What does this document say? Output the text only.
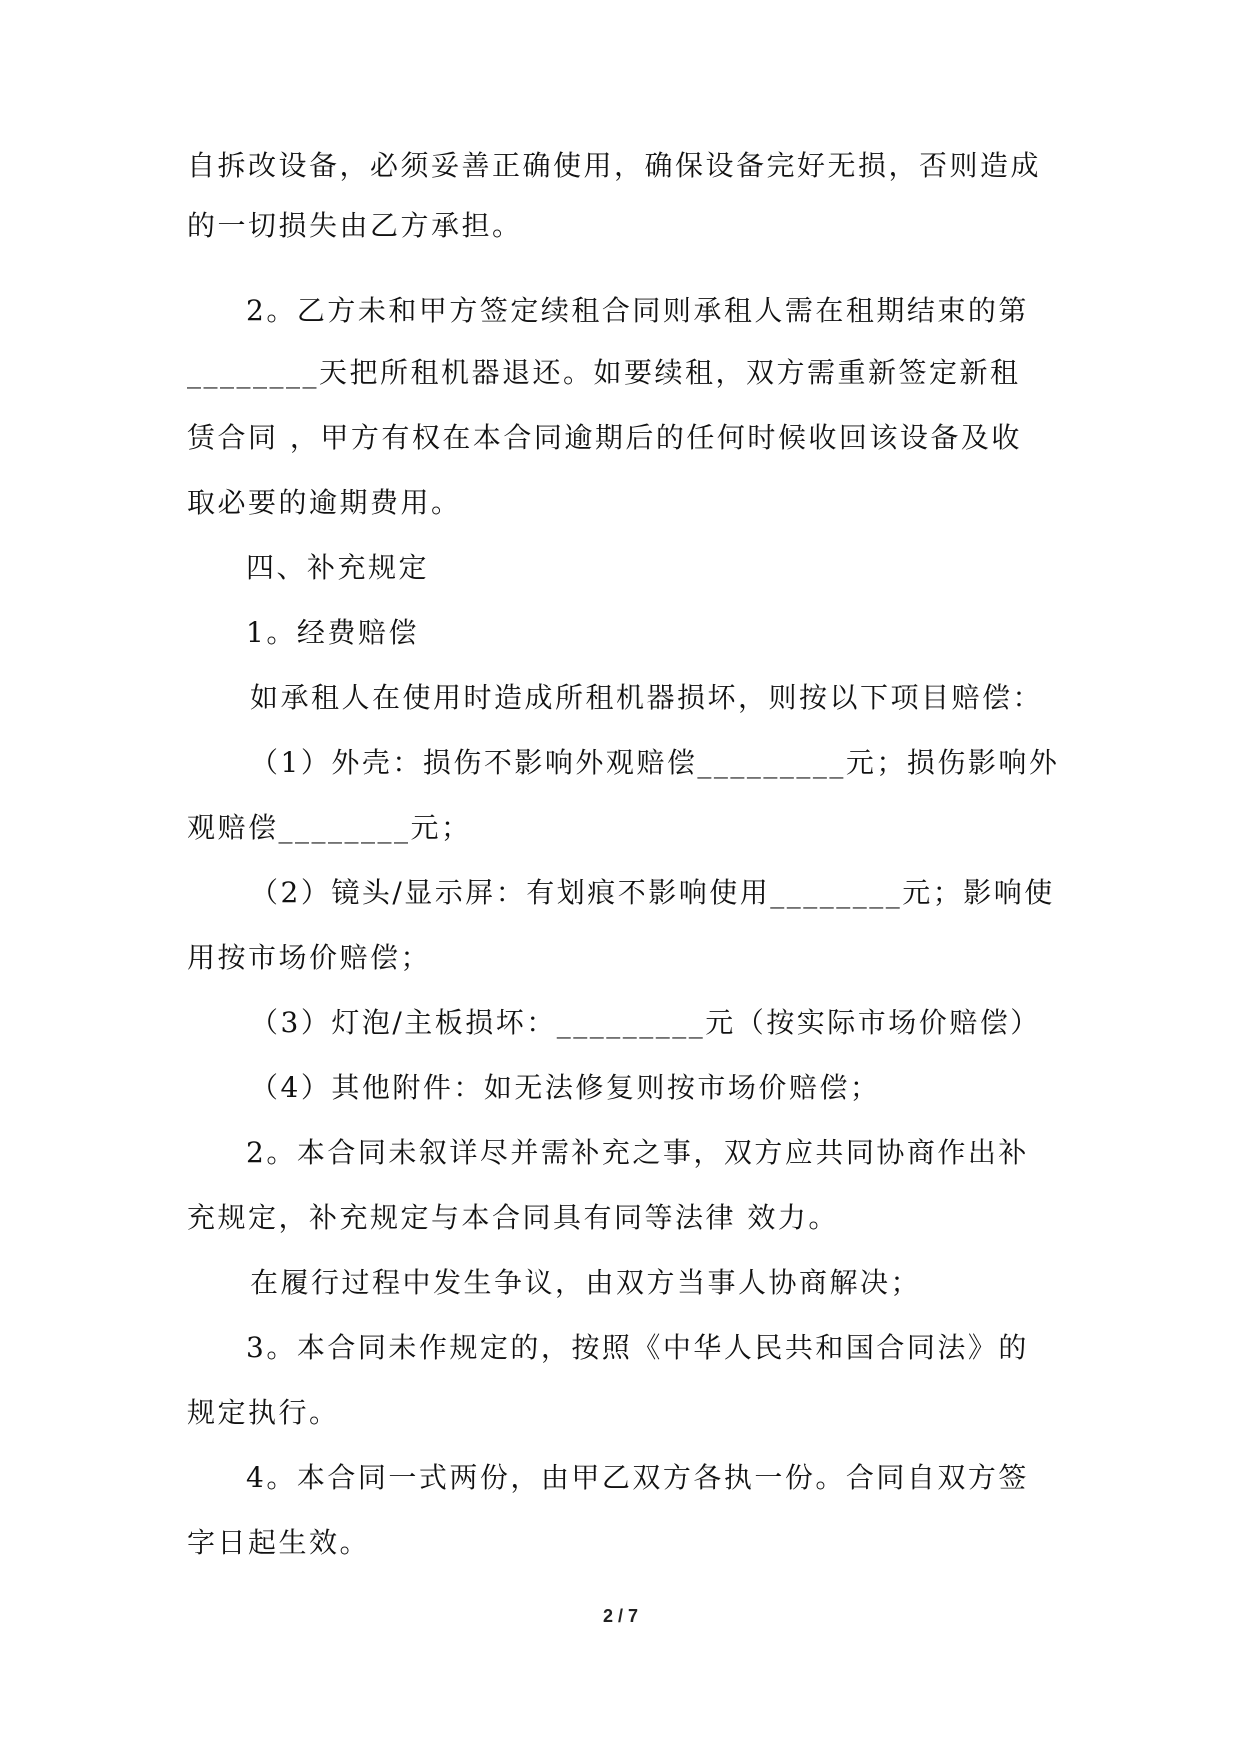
自拆改设备，必须妥善正确使用，确保设备完好无损，否则造成
的一切损失由乙方承担。
2。乙方未和甲方签定续租合同则承租人需在租期结束的第
________天把所租机器退还。如要续租，双方需重新签定新租
赁合同 ，甲方有权在本合同逾期后的任何时候收回该设备及收
取必要的逾期费用。
四、补充规定
1。经费赔偿
如承租人在使用时造成所租机器损坏，则按以下项目赔偿：
（1）外壳：损伤不影响外观赔偿_________元；损伤影响外
观赔偿________元；
（2）镜头/显示屏：有划痕不影响使用________元；影响使
用按市场价赔偿；
（3）灯泡/主板损坏：_________元（按实际市场价赔偿）
（4）其他附件：如无法修复则按市场价赔偿；
2。本合同未叙详尽并需补充之事，双方应共同协商作出补
充规定，补充规定与本合同具有同等法律 效力。
在履行过程中发生争议，由双方当事人协商解决；
3。本合同未作规定的，按照《中华人民共和国合同法》的
规定执行。
4。本合同一式两份，由甲乙双方各执一份。合同自双方签
字日起生效。
2 / 7
